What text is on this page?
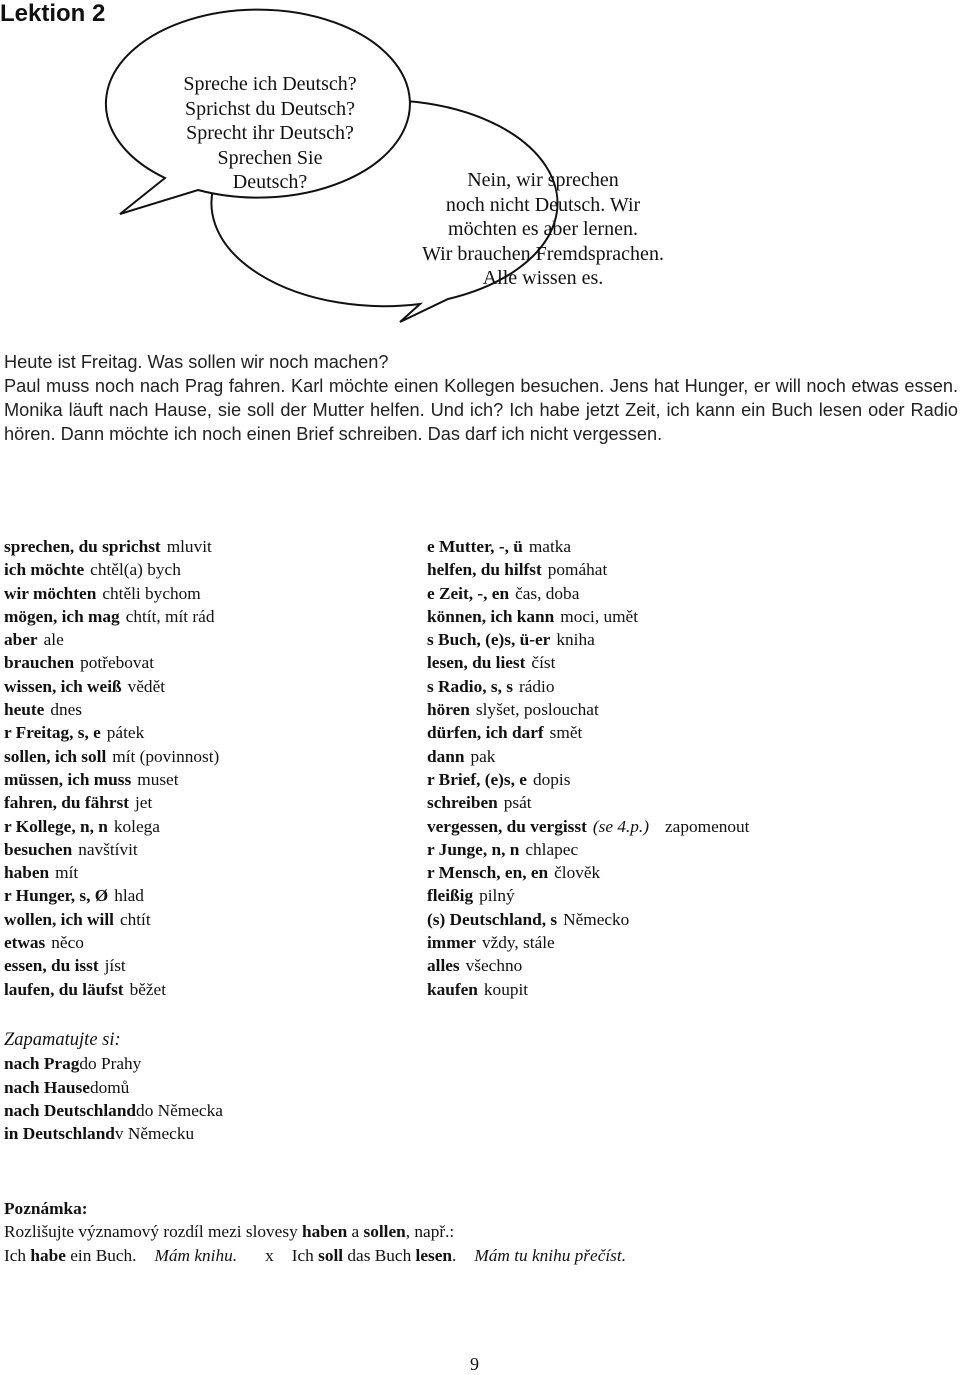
Lektion 2
Spreche ich Deutsch?
Sprichst du Deutsch?
Sprecht ihr Deutsch?
Sprechen Sie
Deutsch?	Nein, wir sprechen
noch nicht Deutsch. Wir
möchten es aber lernen.
Wir brauchen Fremdsprachen.
Alle wissen es.

Heute ist Freitag. Was sollen wir noch machen?

Paul muss noch nach Prag fahren. Karl möchte einen Kollegen besuchen. Jens hat Hunger, er will noch etwas essen. Monika läuft nach Hause, sie soll der Mutter helfen. Und ich? Ich habe jetzt Zeit, ich kann ein Buch lesen oder Radio hören. Dann möchte ich noch einen Brief schreiben. Das darf ich nicht vergessen.

sprechen, du sprichst mluvit
ich möchte chtěl(a) bych
wir möchten chtěli bychom
mögen, ich mag chtít, mít rád
aber ale
brauchen potřebovat
wissen, ich weiß vědět
heute dnes
r Freitag, s, e pátek
sollen, ich soll mít (povinnost)
müssen, ich muss muset
fahren, du fährst jet
r Kollege, n, n kolega
besuchen navštívit
haben mít
r Hunger, s, Ø hlad
wollen, ich will chtít
etwas něco
essen, du isst jíst
laufen, du läufst běžet
e Mutter, -, ü matka
helfen, du hilfst pomáhat
e Zeit, -, en čas, doba
können, ich kann moci, umět
s Buch, (e)s, ü-er kniha
lesen, du liest číst
s Radio, s, s rádio
hören slyšet, poslouchat
dürfen, ich darf smět
dann pak
r Brief, (e)s, e dopis
schreiben psát
vergessen, du vergisst (se 4.p.) zapomenout
r Junge, n, n chlapec
r Mensch, en, en člověk
fleißig pilný
(s) Deutschland, s Německo
immer vždy, stále
alles všechno
kaufen koupit
Zapamatujte si:
nach Pragdo Prahy
nach Hausedomů
nach Deutschlanddo Německa
in Deutschlandv Německu
Poznámka:
Rozlišujte významový rozdíl mezi slovesy haben a sollen, např.:
Ich habe ein Buch. Mám knihu. x Ich soll das Buch lesen. Mám tu knihu přečíst.
9
